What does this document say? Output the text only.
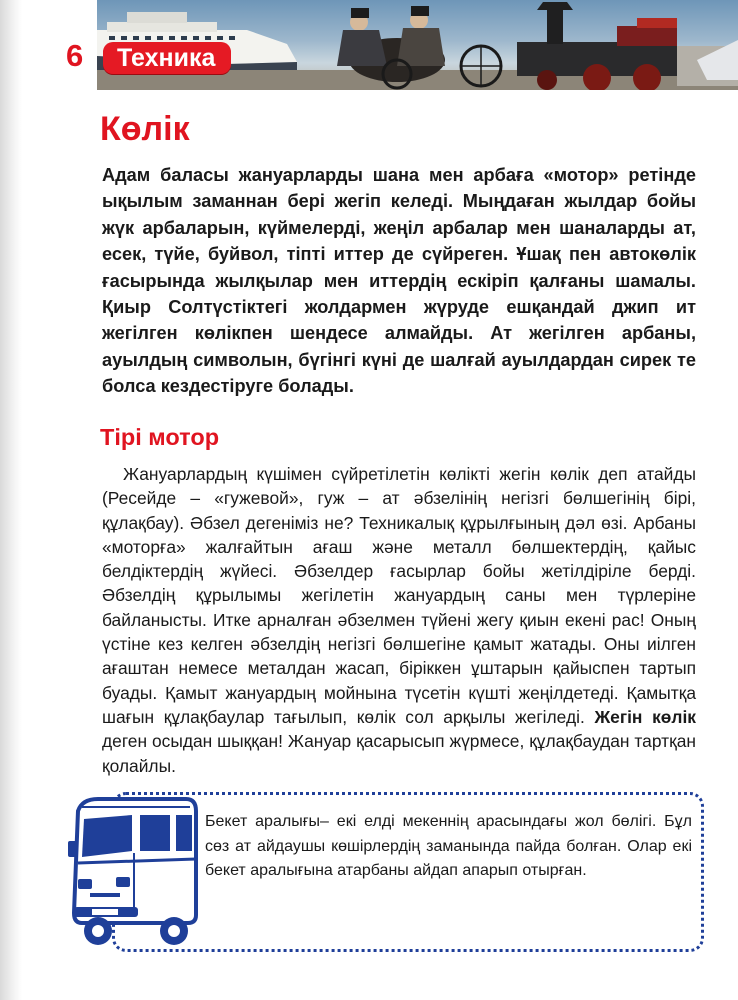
6	Техника
Көлік

Адам баласы жануарларды шана мен арбаға «мотор» ретінде ықылым заманнан бері жегіп келеді. Мыңдаған жылдар бойы жүк арбаларын, күймелерді, жеңіл арбалар мен шаналарды ат, есек, түйе, буйвол, тіпті иттер де сүйреген. Ұшақ пен автокөлік ғасырында жылқылар мен иттердің ескіріп қалғаны шамалы. Қиыр Солтүстіктегі жолдармен жүруде ешқандай джип ит жегілген көлікпен шендесе алмайды. Ат жегілген арбаны, ауылдың символын, бүгінгі күні де шалғай ауылдардан сирек те болса кездестіруге болады.

Тірі мотор

Жануарлардың күшімен сүйретілетін көлікті жегін көлік деп атайды (Ресейде – «гужевой», гуж – ат әбзелінің негізгі бөлшегінің бірі, құлақбау). Әбзел дегеніміз не? Техникалық құрылғының дәл өзі. Арбаны «моторға» жалғайтын ағаш және металл бөлшектердің, қайыс белдіктердің жүйесі. Әбзелдер ғасырлар бойы жетілдіріле берді. Әбзелдің құрылымы жегілетін жануардың саны мен түрлеріне байланысты. Итке арналған әбзелмен түйені жегу қиын екені рас! Оның үстіне кез келген әбзелдің негізгі бөлшегіне қамыт жатады. Оны иілген ағаштан немесе металдан жасап, біріккен ұштарын қайыспен тартып буады. Қамыт жануардың мойнына түсетін күшті жеңілдетеді. Қамытқа шағын құлақбаулар тағылып, көлік сол арқылы жегіледі. Жегін көлік деген осыдан шыққан! Жануар қасарысып жүрмесе, құлақбаудан тартқан қолайлы.

Бекет аралығы– екі елді мекеннің арасындағы жол бөлігі. Бұл сөз ат айдаушы көшірлердің заманында пайда болған. Олар екі бекет аралығына атарбаны айдап апарып отырған.
